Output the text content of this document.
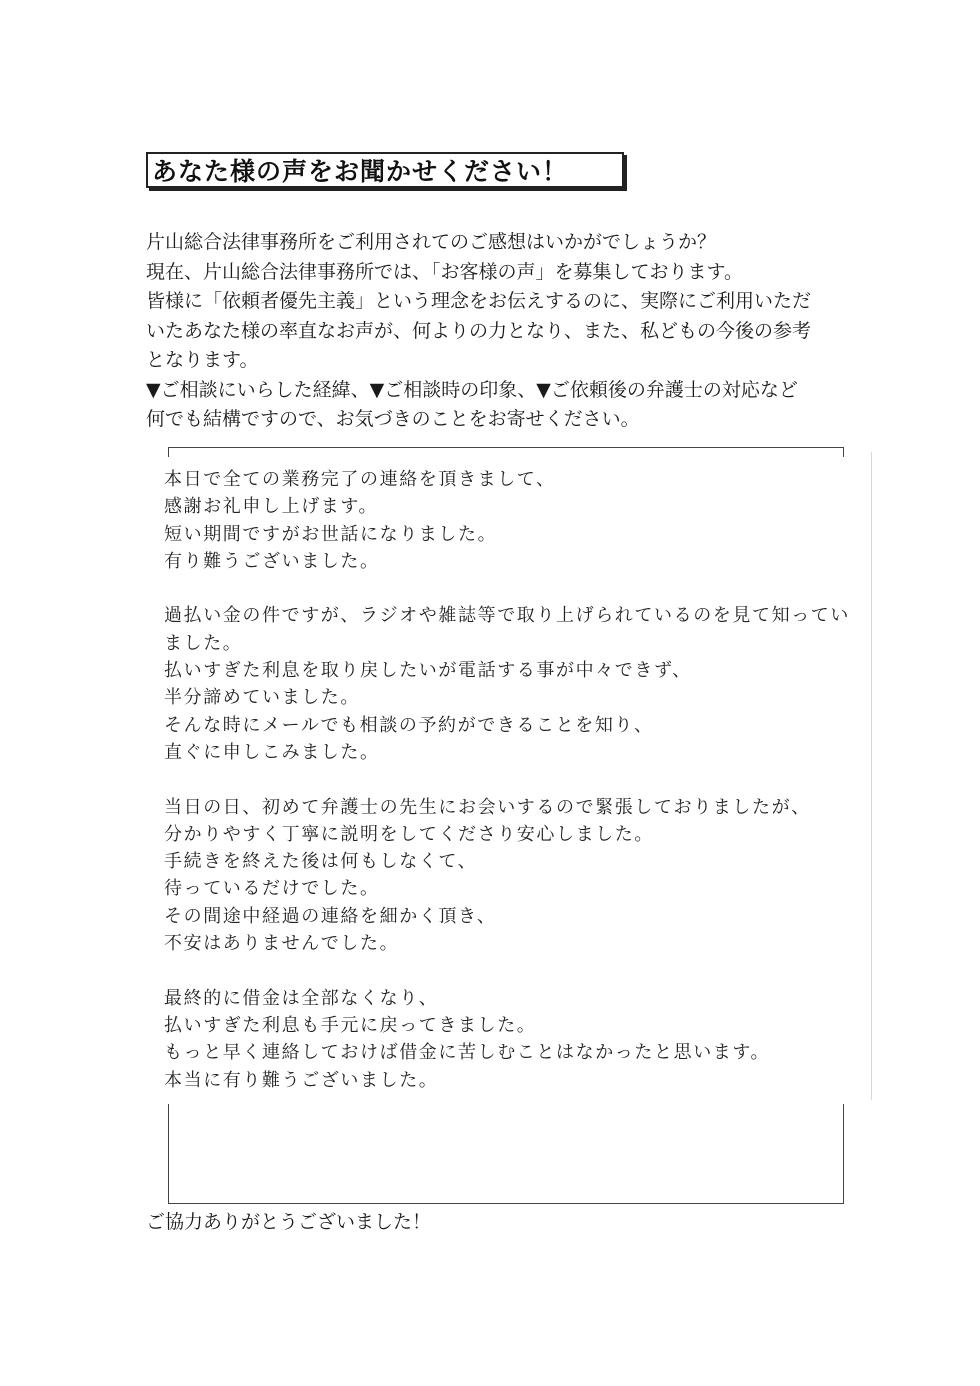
あなた様の声をお聞かせください！
片山総合法律事務所をご利用されてのご感想はいかがでしょうか？
現在、片山総合法律事務所では、「お客様の声」を募集しております。
皆様に「依頼者優先主義」という理念をお伝えするのに、実際にご利用いただ
いたあなた様の率直なお声が、何よりの力となり、また、私どもの今後の参考
となります。
▼ご相談にいらした経緯、▼ご相談時の印象、▼ご依頼後の弁護士の対応など
何でも結構ですので、お気づきのことをお寄せください。
本日で全ての業務完了の連絡を頂きまして、
感謝お礼申し上げます。
短い期間ですがお世話になりました。
有り難うございました。
過払い金の件ですが、ラジオや雑誌等で取り上げられているのを見て知ってい
ました。
払いすぎた利息を取り戻したいが電話する事が中々できず、
半分諦めていました。
そんな時にメールでも相談の予約ができることを知り、
直ぐに申しこみました。
当日の日、初めて弁護士の先生にお会いするので緊張しておりましたが、
分かりやすく丁寧に説明をしてくださり安心しました。
手続きを終えた後は何もしなくて、
待っているだけでした。
その間途中経過の連絡を細かく頂き、
不安はありませんでした。
最終的に借金は全部なくなり、
払いすぎた利息も手元に戻ってきました。
もっと早く連絡しておけば借金に苦しむことはなかったと思います。
本当に有り難うございました。
ご協力ありがとうございました！
